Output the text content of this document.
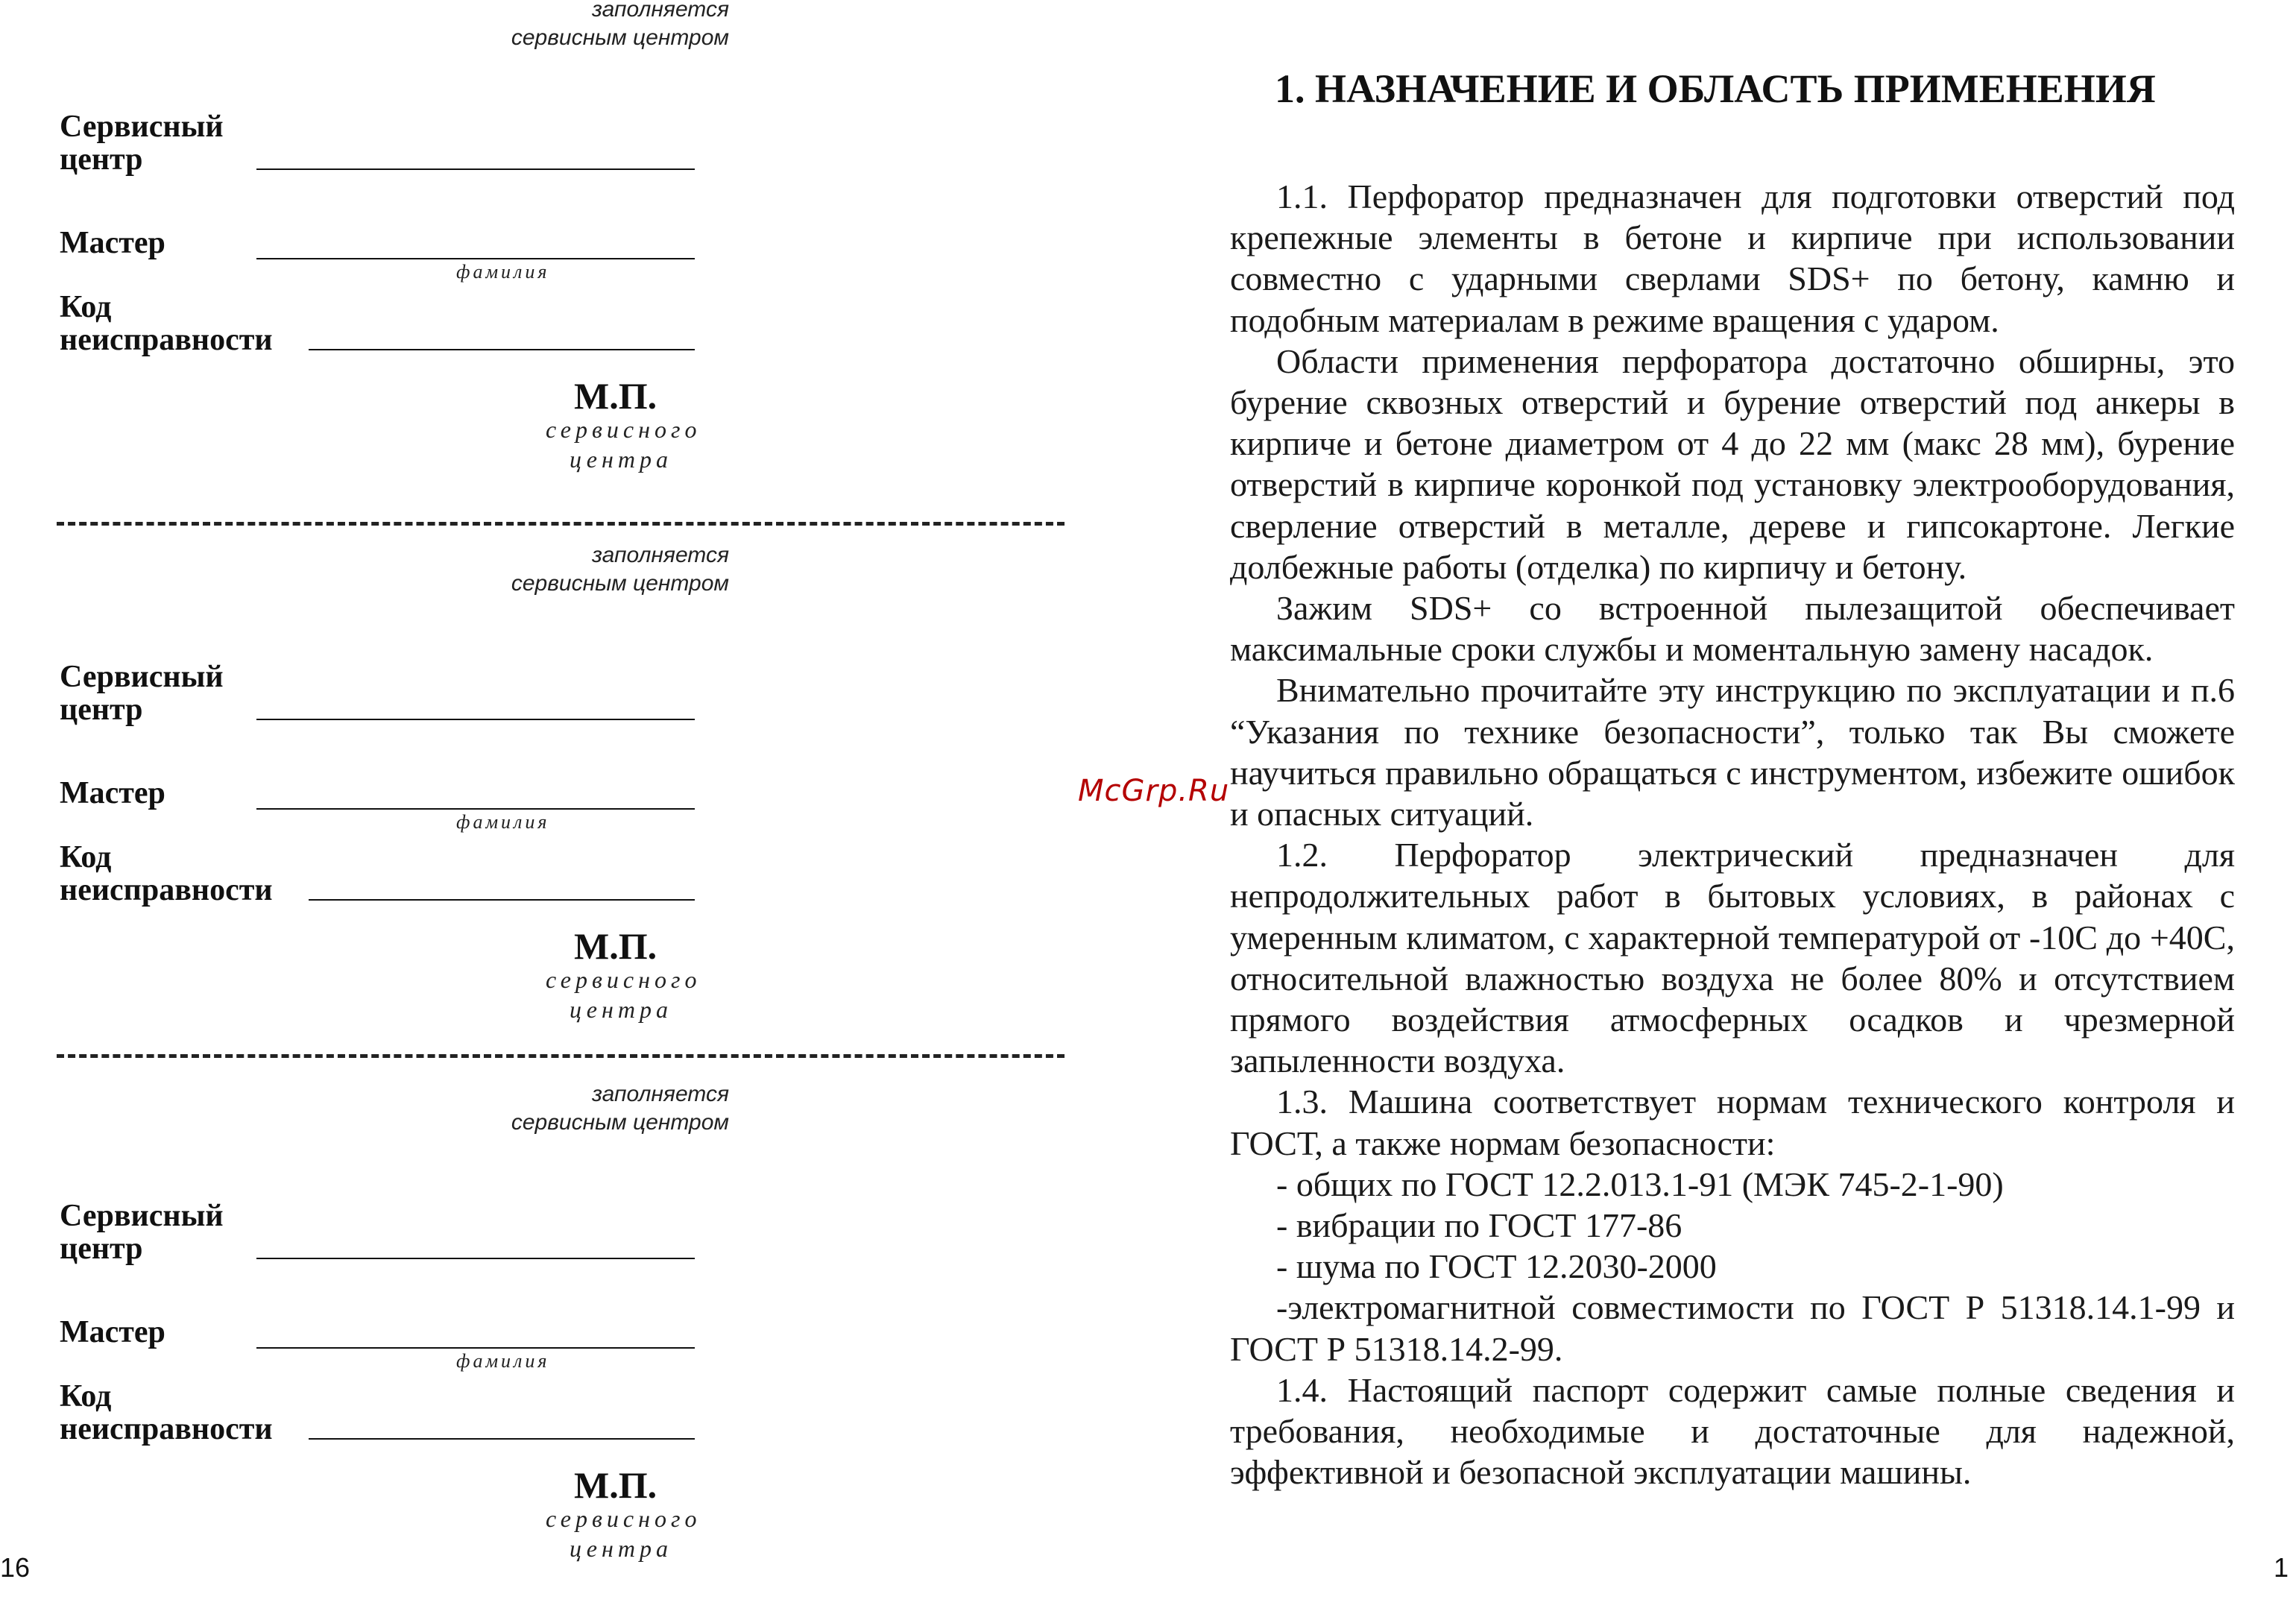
заполняется
сервисным центром
Сервисный
центр
Мастер
фамилия
Код
неисправности
М.П.
сервисного
центра
заполняется
сервисным центром
Сервисный
центр
Мастер
фамилия
Код
неисправности
М.П.
сервисного
центра
заполняется
сервисным центром
Сервисный
центр
Мастер
фамилия
Код
неисправности
М.П.
сервисного
центра
16
1. НАЗНАЧЕНИЕ И ОБЛАСТЬ ПРИМЕНЕНИЯ

1.1. Перфоратор предназначен для подготовки отверстий под крепежные элементы в бетоне и кирпиче при использовании совместно с ударными сверлами SDS+ по бетону, камню и подобным материалам в режиме вращения с ударом.

Области применения перфоратора достаточно обширны, это бурение сквозных отверстий и бурение отверстий под анкеры в кирпиче и бетоне диаметром от 4 до 22 мм (макс 28 мм), бурение отверстий в кирпиче коронкой под установку электрооборудования, сверление отверстий в металле, дереве и гипсокартоне. Легкие долбежные работы (отделка) по кирпичу и бетону.

Зажим SDS+ со встроенной пылезащитой обеспечивает максимальные сроки службы и моментальную замену насадок.

Внимательно прочитайте эту инструкцию по эксплуатации и п.6 “Указания по технике безопасности”, только так Вы сможете научиться правильно обращаться с инструментом, избежите ошибок и опасных ситуаций.

1.2. Перфоратор электрический предназначен для непродолжительных работ в бытовых условиях, в районах с умеренным климатом, с характерной температурой от -10С до +40С, относительной влажностью воздуха не более 80% и отсутствием прямого воздействия атмосферных осадков и чрезмерной запыленности воздуха.

1.3. Машина соответствует нормам технического контроля и ГОСТ, а также нормам безопасности:

- общих по ГОСТ 12.2.013.1-91 (МЭК 745-2-1-90)

- вибрации по ГОСТ 177-86

- шума по ГОСТ 12.2030-2000

-электромагнитной совместимости по ГОСТ Р 51318.14.1-99 и ГОСТ Р 51318.14.2-99.

1.4. Настоящий паспорт содержит самые полные сведения и требования, необходимые и достаточные для надежной, эффективной и безопасной эксплуатации машины.

1
McGrp.Ru
